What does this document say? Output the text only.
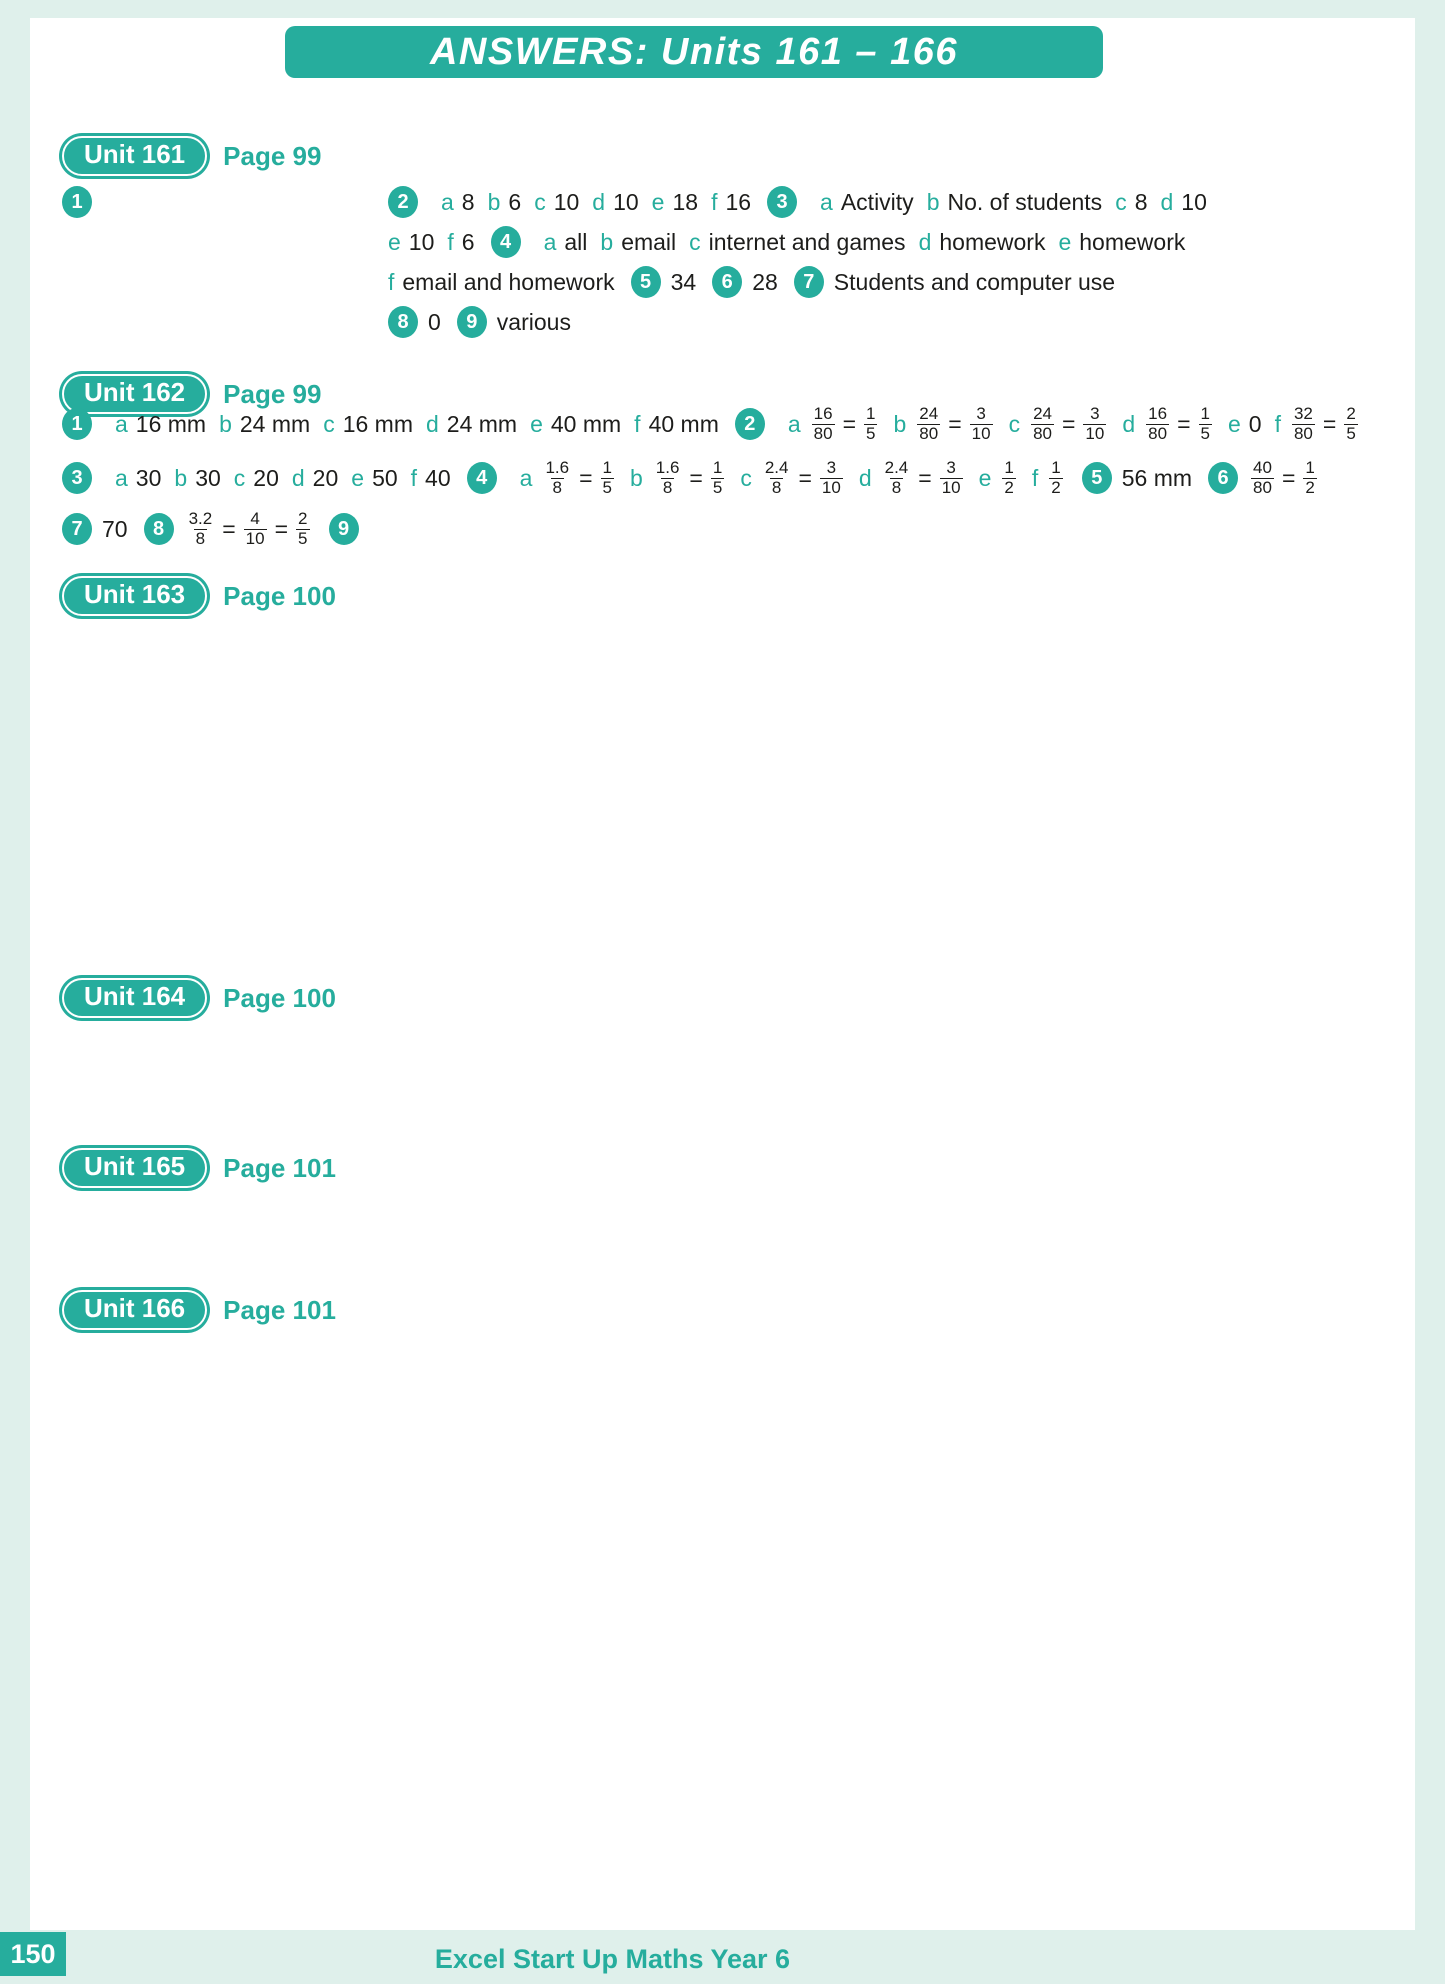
ANSWERS: Units 161 – 166
Unit 161	Page 99
Unit 162	Page 99
Unit 163	Page 100
Unit 164	Page 100
Unit 165	Page 101
Unit 166	Page 101
1	2	a 8 b 6 c 10 d 10 e 18 f 16	3	a Activity b No. of students c 8 d 10
e 10 f 6	4	a all b email c internet and games d homework e homework
f email and homework	5 34	6 28	7 Students and computer use
8 0	9 various
1	a 16 mm b 24 mm c 16 mm d 24 mm e 40 mm f 40 mm	2	a $\frac{16}{80} = \frac{1}{5}$ b $\frac{24}{80} = \frac{3}{10}$ c $\frac{24}{80} = \frac{3}{10}$ d $\frac{16}{80} = \frac{1}{5}$ e 0 f $\frac{32}{80} = \frac{2}{5}$
3	a 30 b 30 c 20 d 20 e 50 f 40	4	a $\frac{1.6}{8} = \frac{1}{5}$ b $\frac{1.6}{8} = \frac{1}{5}$ c $\frac{2.4}{8} = \frac{3}{10}$ d $\frac{2.4}{8} = \frac{3}{10}$ e $\frac{1}{2}$ f $\frac{1}{2}$	5 56 mm	6	$\frac{40}{80} = \frac{1}{2}$
7 70	8	$\frac{3.2}{8} = \frac{4}{10} = \frac{2}{5}$	9
150	Excel Start Up Maths Year 6
